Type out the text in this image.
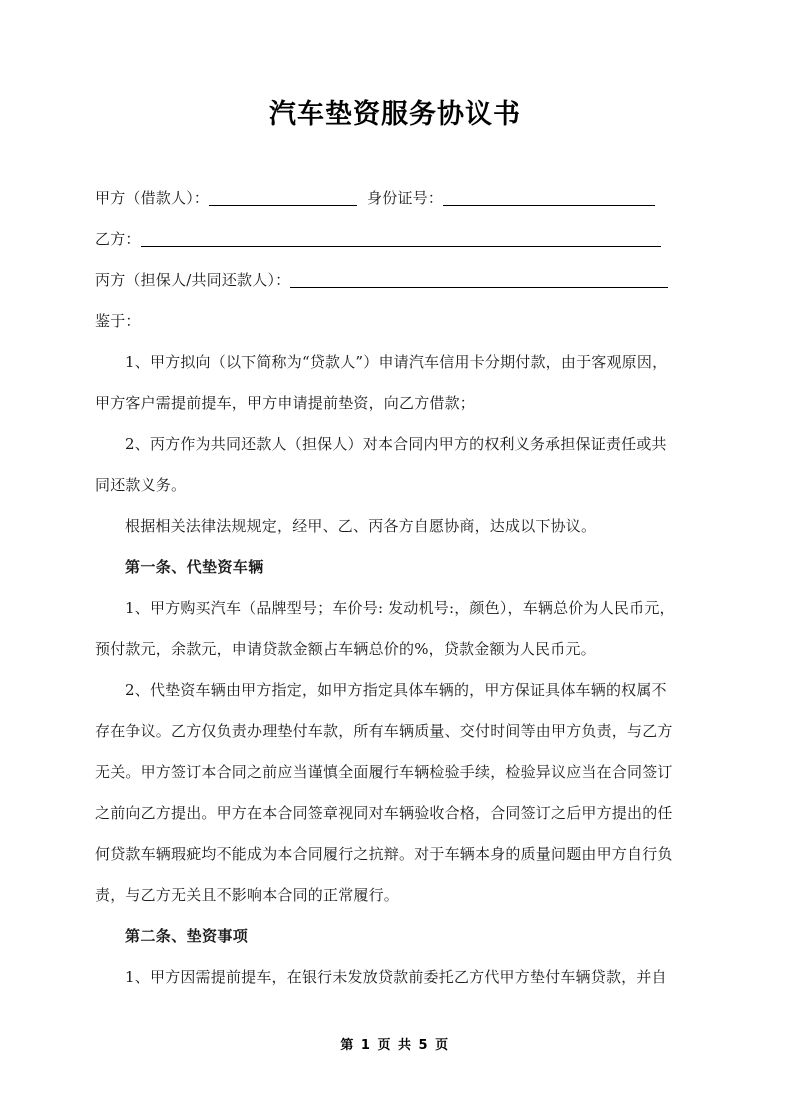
汽车垫资服务协议书
甲方（借款人）：	身份证号：
乙方：
丙方（担保人/共同还款人）：
鉴于：
1、甲方拟向（以下简称为“贷款人”）申请汽车信用卡分期付款，由于客观原因，
甲方客户需提前提车，甲方申请提前垫资，向乙方借款；
2、丙方作为共同还款人（担保人）对本合同内甲方的权利义务承担保证责任或共
同还款义务。
根据相关法律法规规定，经甲、乙、丙各方自愿协商，达成以下协议。
第一条、代垫资车辆
1、甲方购买汽车（品牌型号；车价号: 发动机号:，颜色），车辆总价为人民币元，
预付款元，余款元，申请贷款金额占车辆总价的%，贷款金额为人民币元。
2、代垫资车辆由甲方指定，如甲方指定具体车辆的，甲方保证具体车辆的权属不
存在争议。乙方仅负责办理垫付车款，所有车辆质量、交付时间等由甲方负责，与乙方
无关。甲方签订本合同之前应当谨慎全面履行车辆检验手续，检验异议应当在合同签订
之前向乙方提出。甲方在本合同签章视同对车辆验收合格，合同签订之后甲方提出的任
何贷款车辆瑕疵均不能成为本合同履行之抗辩。对于车辆本身的质量问题由甲方自行负
责，与乙方无关且不影响本合同的正常履行。
第二条、垫资事项
1、甲方因需提前提车，在银行未发放贷款前委托乙方代甲方垫付车辆贷款，并自
第 1 页 共 5 页
